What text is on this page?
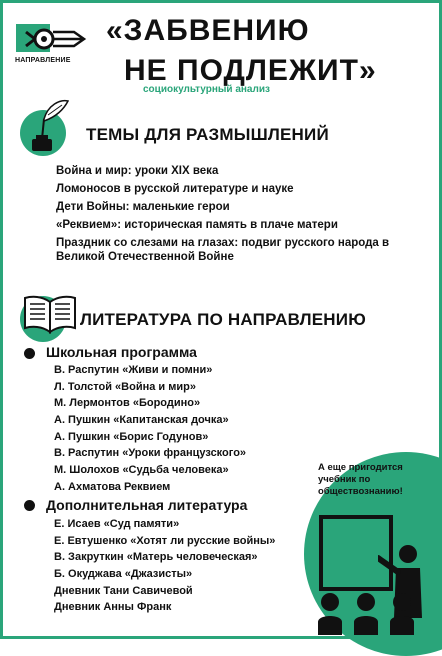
НАПРАВЛЕНИЕ
«ЗАБВЕНИЮ
НЕ ПОДЛЕЖИТ»
социокультурный анализ
ТЕМЫ ДЛЯ РАЗМЫШЛЕНИЙ
Война и мир: уроки XIX века
Ломоносов в русской литературе и науке
Дети Войны: маленькие герои
«Реквием»: историческая память в плаче матери
Праздник со слезами на глазах: подвиг русского народа в Великой Отечественной Войне
ЛИТЕРАТУРА ПО НАПРАВЛЕНИЮ
Школьная программа
В. Распутин «Живи и помни»
Л. Толстой «Война и мир»
М. Лермонтов «Бородино»
А. Пушкин «Капитанская дочка»
А. Пушкин «Борис Годунов»
В. Распутин «Уроки французского»
М. Шолохов «Судьба человека»
А. Ахматова Реквием
А еще пригодится учебник по обществознанию!
Дополнительная литература
Е. Исаев «Суд памяти»
Е. Евтушенко «Хотят ли русские войны»
В. Закруткин «Матерь человеческая»
Б. Окуджава «Джазисты»
Дневник Тани Савичевой
Дневник Анны Франк
